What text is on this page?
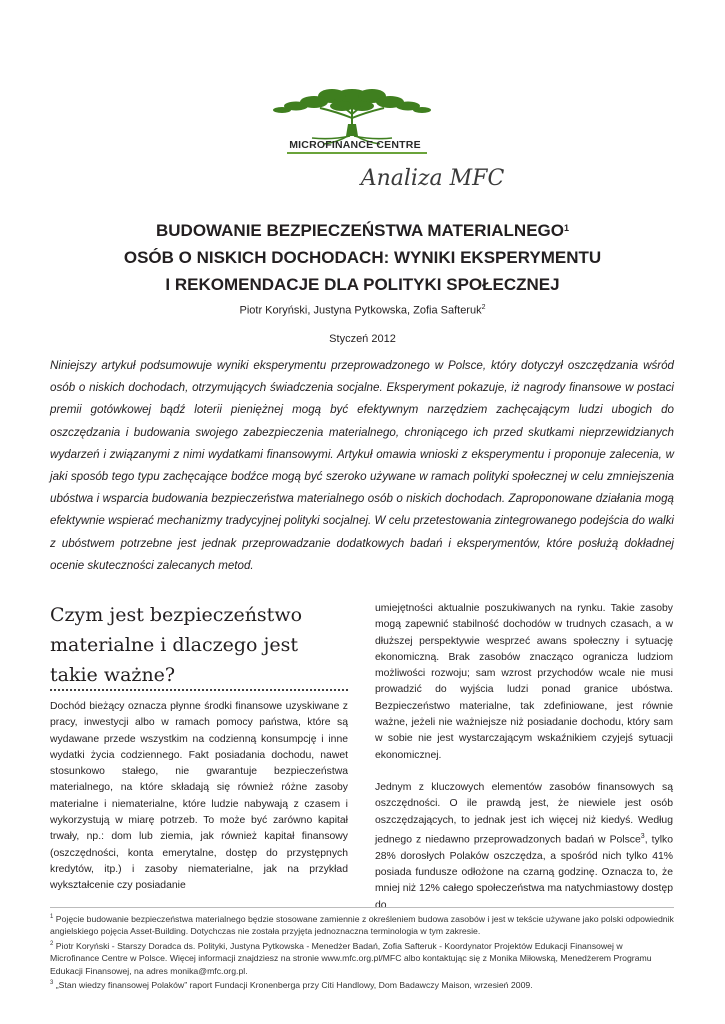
MICROFINANCE CENTRE
Analiza MFC
BUDOWANIE BEZPIECZEŃSTWA MATERIALNEGO$^1$
OSÓB O NISKICH DOCHODACH: WYNIKI EKSPERYMENTU
I REKOMENDACJE DLA POLITYKI SPOŁECZNEJ
Piotr Koryński, Justyna Pytkowska, Zofia Safteruk$^2$
Styczeń 2012
Niniejszy artykuł podsumowuje wyniki eksperymentu przeprowadzonego w Polsce, który dotyczył oszczędzania wśród osób o niskich dochodach, otrzymujących świadczenia socjalne. Eksperyment pokazuje, iż nagrody finansowe w postaci premii gotówkowej bądź loterii pieniężnej mogą być efektywnym narzędziem zachęcającym ludzi ubogich do oszczędzania i budowania swojego zabezpieczenia materialnego, chroniącego ich przed skutkami nieprzewidzianych wydarzeń i związanymi z nimi wydatkami finansowymi. Artykuł omawia wnioski z eksperymentu i proponuje zalecenia, w jaki sposób tego typu zachęcające bodźce mogą być szeroko używane w ramach polityki społecznej w celu zmniejszenia ubóstwa i wsparcia budowania bezpieczeństwa materialnego osób o niskich dochodach. Zaproponowane działania mogą efektywnie wspierać mechanizmy tradycyjnej polityki socjalnej. W celu przetestowania zintegrowanego podejścia do walki z ubóstwem potrzebne jest jednak przeprowadzanie dodatkowych badań i eksperymentów, które posłużą dokładnej ocenie skuteczności zalecanych metod.
Czym jest bezpieczeństwo materialne i dlaczego jest takie ważne?

Dochód bieżący oznacza płynne środki finansowe uzyskiwane z pracy, inwestycji albo w ramach pomocy państwa, które są wydawane przede wszystkim na codzienną konsumpcję i inne wydatki życia codziennego. Fakt posiadania dochodu, nawet stosunkowo stałego, nie gwarantuje bezpieczeństwa materialnego, na które składają się również różne zasoby materialne i niematerialne, które ludzie nabywają z czasem i wykorzystują w miarę potrzeb. To może być zarówno kapitał trwały, np.: dom lub ziemia, jak również kapitał finansowy (oszczędności, konta emerytalne, dostęp do przystępnych kredytów, itp.) i zasoby niematerialne, jak na przykład wykształcenie czy posiadanie

umiejętności aktualnie poszukiwanych na rynku. Takie zasoby mogą zapewnić stabilność dochodów w trudnych czasach, a w dłuższej perspektywie wesprzeć awans społeczny i sytuację ekonomiczną. Brak zasobów znacząco ogranicza ludziom możliwości rozwoju; sam wzrost przychodów wcale nie musi prowadzić do wyjścia ludzi ponad granice ubóstwa. Bezpieczeństwo materialne, tak zdefiniowane, jest równie ważne, jeżeli nie ważniejsze niż posiadanie dochodu, który sam w sobie nie jest wystarczającym wskaźnikiem czyjejś sytuacji ekonomicznej.

Jednym z kluczowych elementów zasobów finansowych są oszczędności. O ile prawdą jest, że niewiele jest osób oszczędzających, to jednak jest ich więcej niż kiedyś. Według jednego z niedawno przeprowadzonych badań w Polsce$^3$, tylko 28% dorosłych Polaków oszczędza, a spośród nich tylko 41% posiada fundusze odłożone na czarną godzinę. Oznacza to, że mniej niż 12% całego społeczeństwa ma natychmiastowy dostęp do

$^1$ Pojęcie budowanie bezpieczeństwa materialnego będzie stosowane zamiennie z określeniem budowa zasobów i jest w tekście używane jako polski odpowiednik angielskiego pojęcia Asset-Building. Dotychczas nie została przyjęta jednoznaczna terminologia w tym zakresie.

$^2$ Piotr Koryński - Starszy Doradca ds. Polityki, Justyna Pytkowska - Menedżer Badań, Zofia Safteruk - Koordynator Projektów Edukacji Finansowej w Microfinance Centre w Polsce. Więcej informacji znajdziesz na stronie www.mfc.org.pl/MFC albo kontaktując się z Monika Miłowską, Menedżerem Programu Edukacji Finansowej, na adres monika@mfc.org.pl.

$^3$ „Stan wiedzy finansowej Polaków” raport Fundacji Kronenberga przy Citi Handlowy, Dom Badawczy Maison, wrzesień 2009.
